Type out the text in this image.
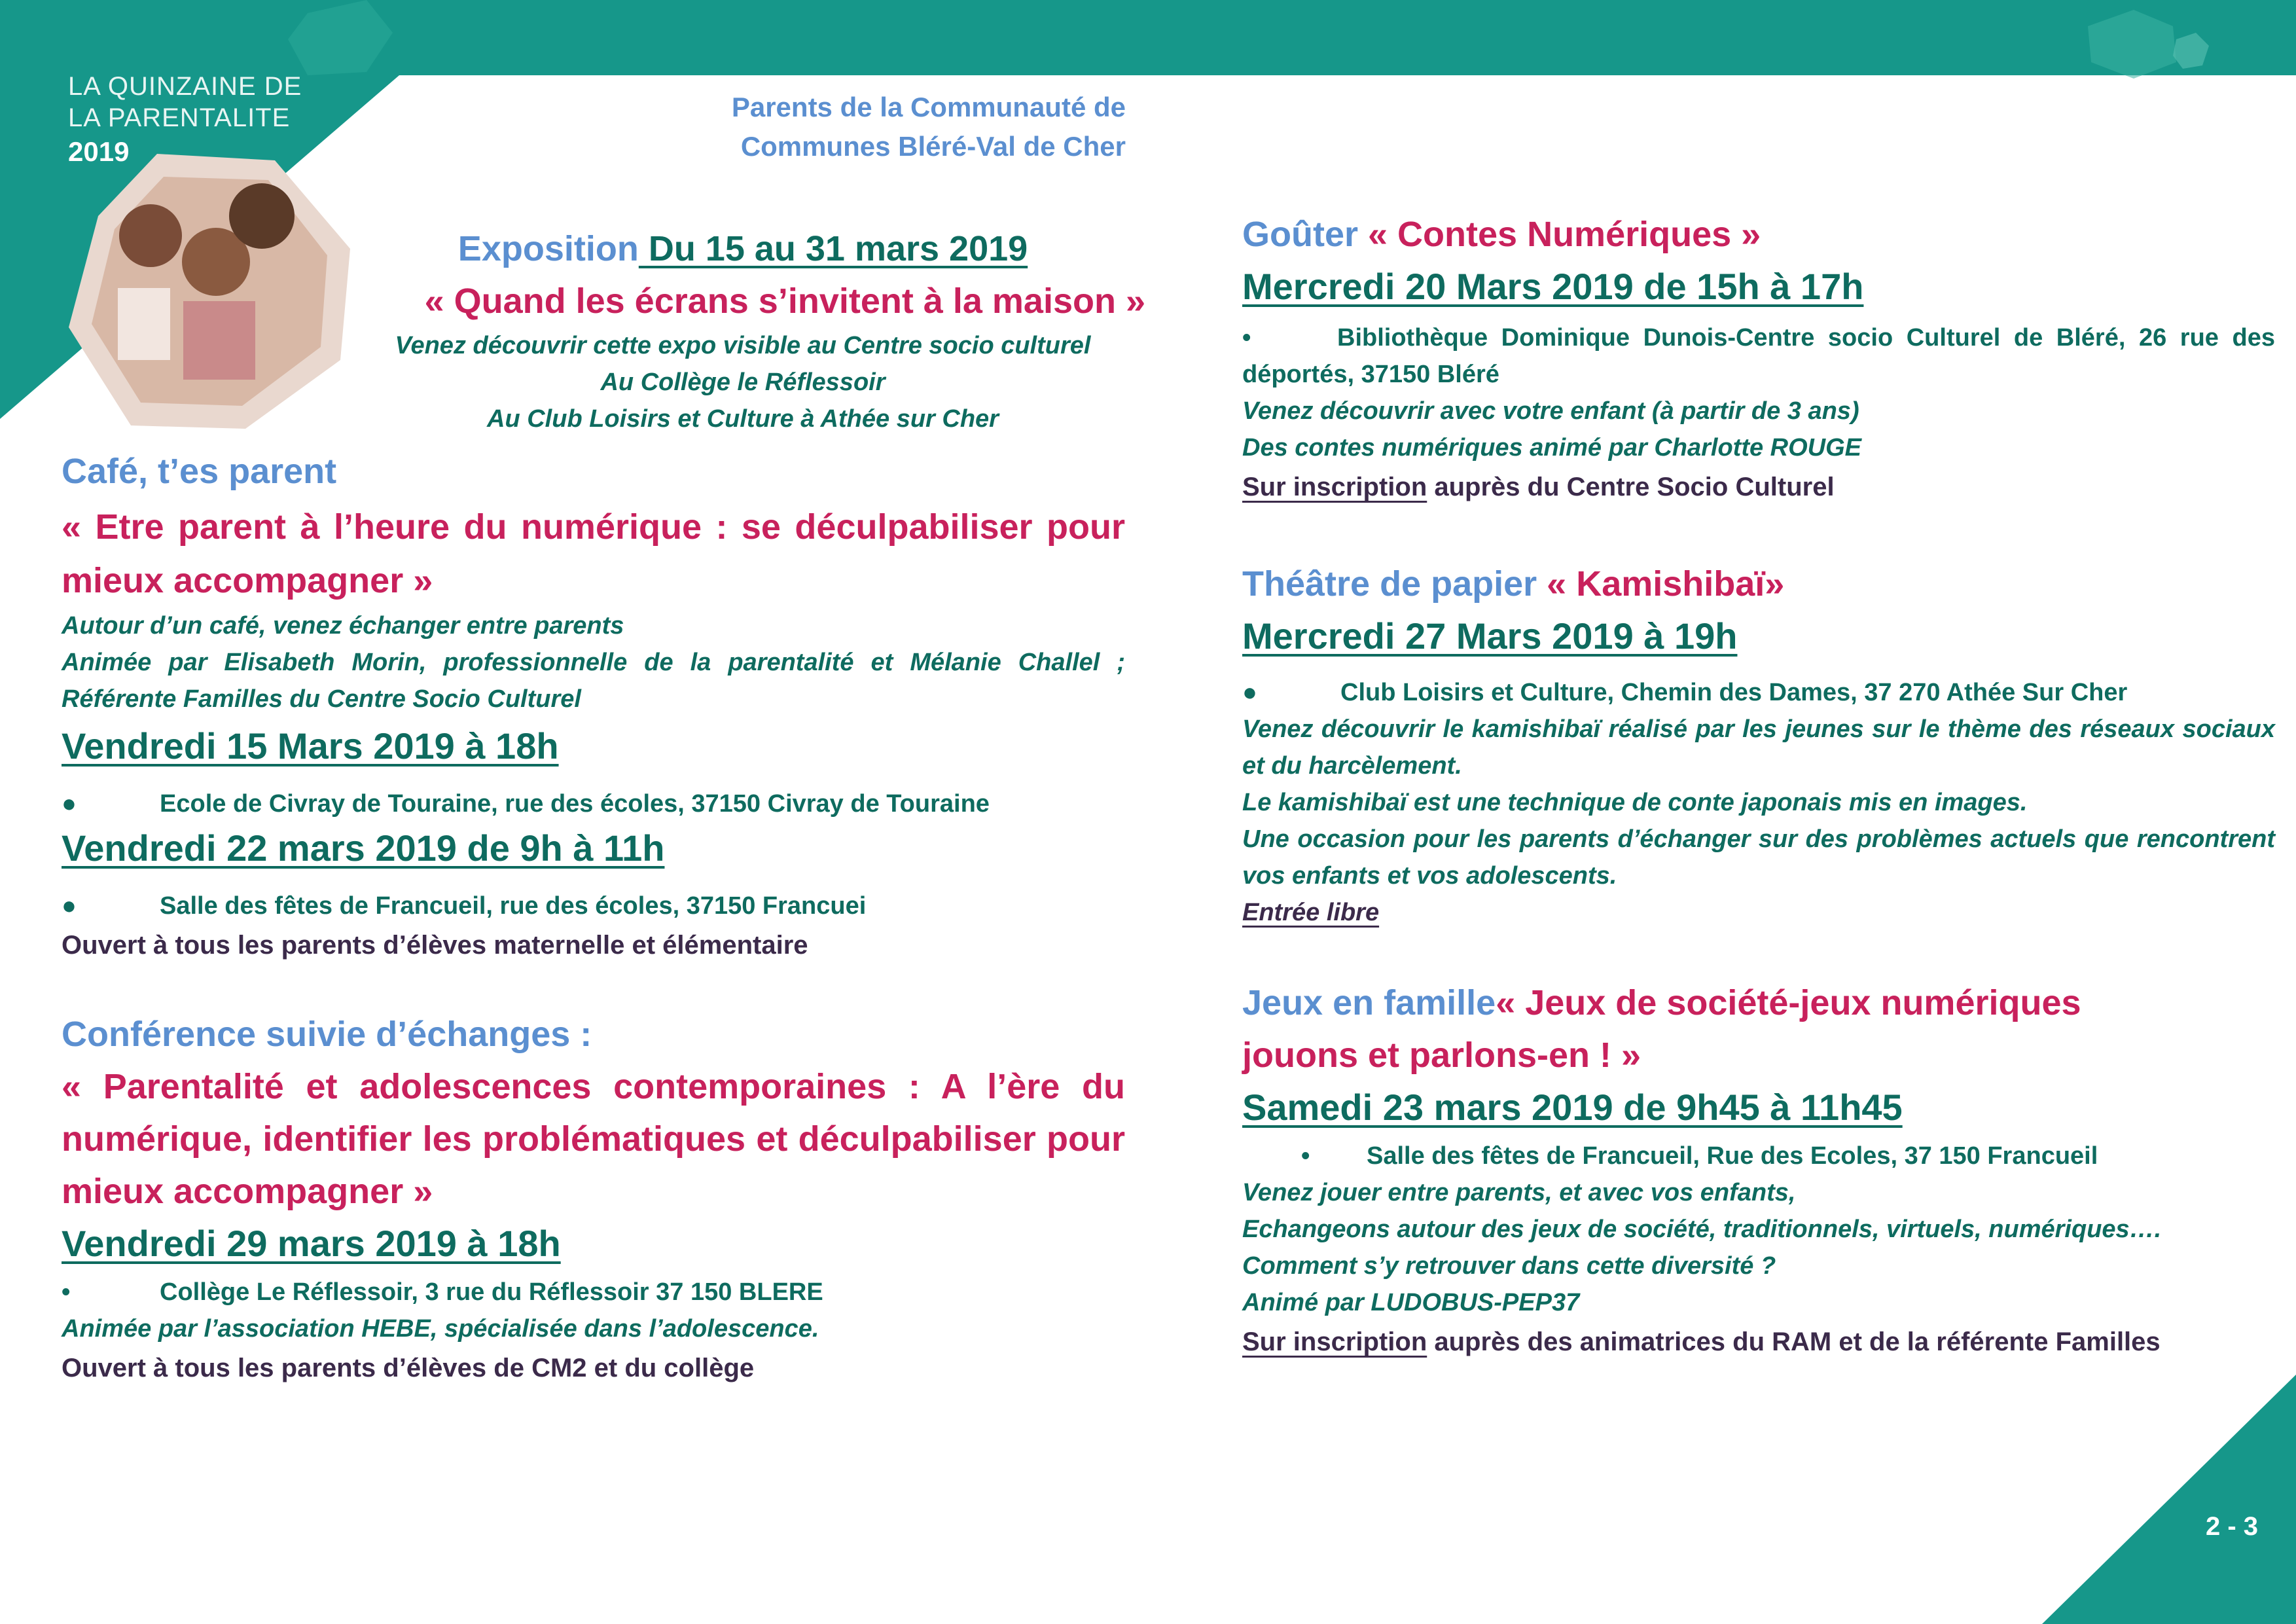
LA QUINZAINE DE
LA PARENTALITE
2019
Parents de la Communauté de
Communes Bléré-Val de Cher
Exposition Du 15 au 31 mars 2019
« Quand les écrans s’invitent à la maison »
Venez découvrir cette expo visible au Centre socio culturel
Au Collège le Réflessoir
Au Club Loisirs et Culture à Athée sur Cher
Café, t’es parent
« Etre parent à l’heure du numérique : se déculpabiliser pour mieux accompagner »
Autour d’un café, venez échanger entre parents
Animée par Elisabeth Morin, professionnelle de la parentalité et Mélanie Challel ; Référente Familles du Centre Socio Culturel
Vendredi 15 Mars 2019 à 18h
●	Ecole de Civray de Touraine, rue des écoles, 37150 Civray de Touraine
Vendredi 22 mars 2019 de 9h à 11h
●	Salle des fêtes de Francueil, rue des écoles, 37150 Francuei
Ouvert à tous les parents d’élèves maternelle et élémentaire
Conférence suivie d’échanges :
« Parentalité et adolescences contemporaines : A l’ère du numérique, identifier les problématiques et déculpabiliser pour mieux accompagner »
Vendredi 29 mars 2019 à 18h
•	Collège Le Réflessoir, 3 rue du Réflessoir 37 150 BLERE
Animée par l’association HEBE, spécialisée dans l’adolescence.
Ouvert à tous les parents d’élèves de CM2 et du collège
Goûter « Contes Numériques »
Mercredi 20 Mars 2019 de 15h à 17h
•	Bibliothèque Dominique Dunois-Centre socio Culturel de Bléré, 26 rue des déportés, 37150 Bléré
Venez découvrir avec votre enfant (à partir de 3 ans)
Des contes numériques animé par Charlotte ROUGE
Sur inscription auprès du Centre Socio Culturel
Théâtre de papier « Kamishibaï»
Mercredi 27 Mars 2019 à 19h
●	Club Loisirs et Culture, Chemin des Dames, 37 270 Athée Sur Cher
Venez découvrir le kamishibaï réalisé par les jeunes sur le thème des réseaux sociaux et du harcèlement.
Le kamishibaï est une technique de conte japonais mis en images.
Une occasion pour les parents d’échanger sur des problèmes actuels que rencontrent vos enfants et vos adolescents.
Entrée libre
Jeux en famille« Jeux de société-jeux numériques
jouons et parlons-en ! »
Samedi 23 mars 2019 de 9h45 à 11h45
• Salle des fêtes de Francueil, Rue des Ecoles, 37 150 Francueil
Venez jouer entre parents, et avec vos enfants,
Echangeons autour des jeux de société, traditionnels, virtuels, numériques….
Comment s’y retrouver dans cette diversité ?
Animé par LUDOBUS-PEP37
Sur inscription auprès des animatrices du RAM et de la référente Familles
2 - 3
